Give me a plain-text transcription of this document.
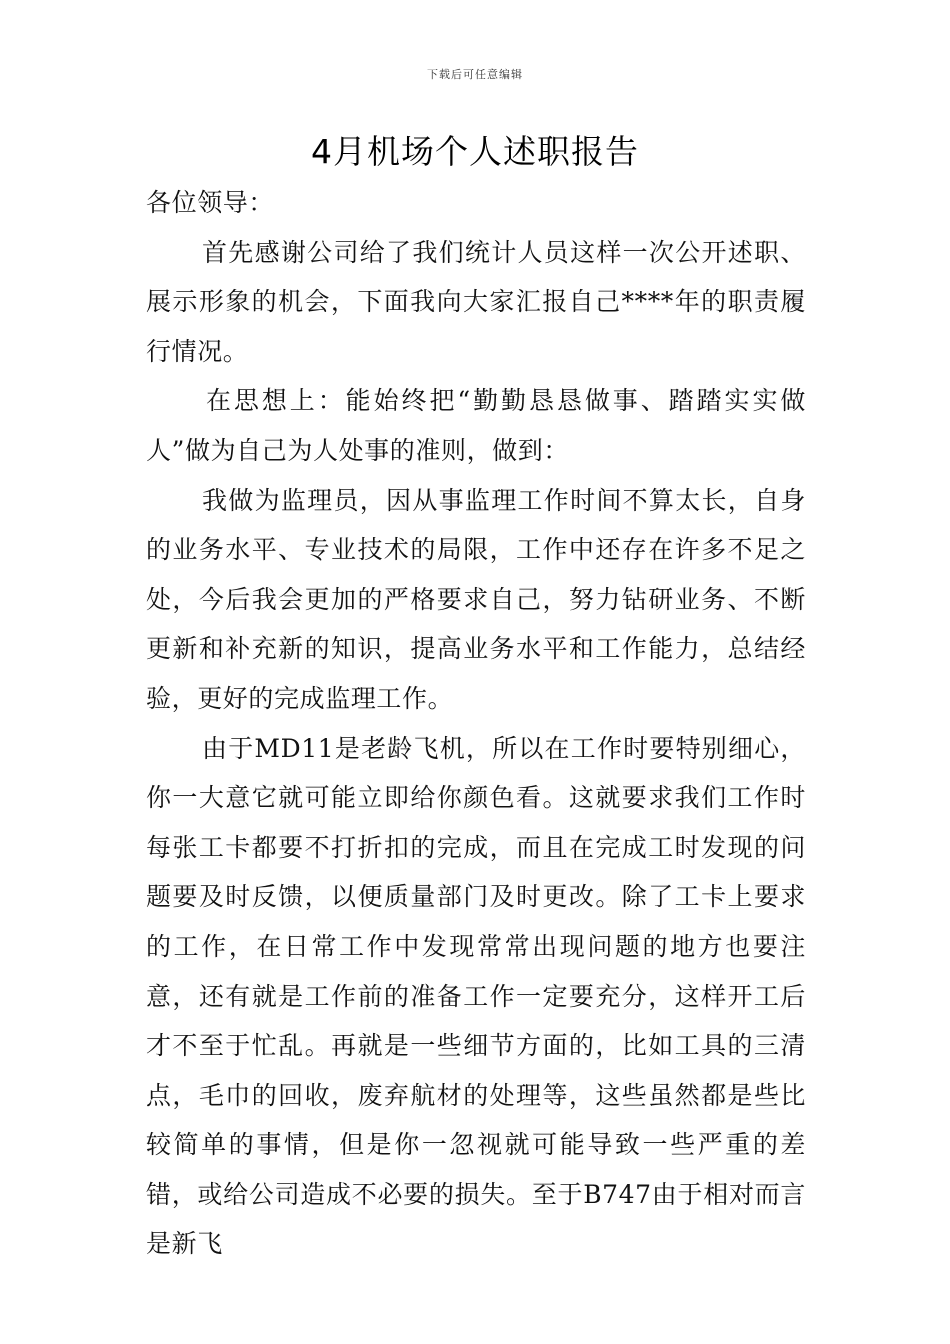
下载后可任意编辑
4月机场个人述职报告

各位领导：

首先感谢公司给了我们统计人员这样一次公开述职、展示形象的机会，下面我向大家汇报自己****年的职责履行情况。

在思想上：能始终把“勤勤恳恳做事、踏踏实实做人”做为自己为人处事的准则，做到：

我做为监理员，因从事监理工作时间不算太长，自身的业务水平、专业技术的局限，工作中还存在许多不足之处，今后我会更加的严格要求自己，努力钻研业务、不断更新和补充新的知识，提高业务水平和工作能力，总结经验，更好的完成监理工作。

由于MD11是老龄飞机，所以在工作时要特别细心，你一大意它就可能立即给你颜色看。这就要求我们工作时每张工卡都要不打折扣的完成，而且在完成工时发现的问题要及时反馈，以便质量部门及时更改。除了工卡上要求的工作，在日常工作中发现常常出现问题的地方也要注意，还有就是工作前的准备工作一定要充分，这样开工后才不至于忙乱。再就是一些细节方面的，比如工具的三清点，毛巾的回收，废弃航材的处理等，这些虽然都是些比较简单的事情，但是你一忽视就可能导致一些严重的差错，或给公司造成不必要的损失。至于B747由于相对而言是新飞
